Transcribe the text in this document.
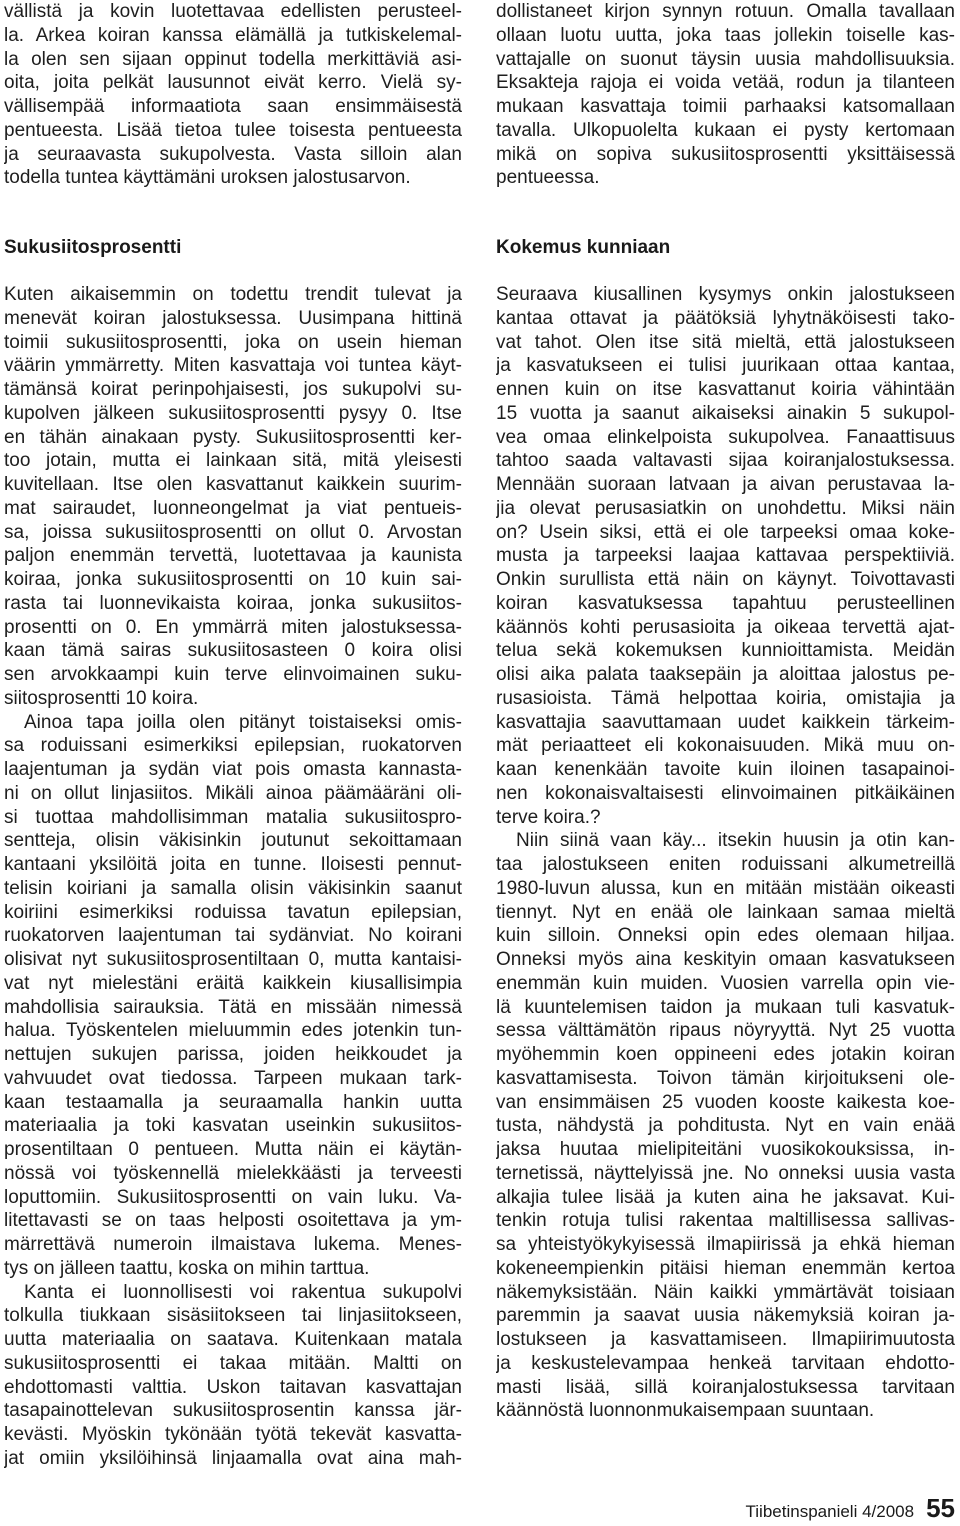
vällistä ja kovin luotettavaa edellisten perusteel-
la. Arkea koiran kanssa elämällä ja tutkiskelemal-
la olen sen sijaan oppinut todella merkittäviä asi-
oita, joita pelkät lausunnot eivät kerro. Vielä sy-
vällisempää informaatiota saan ensimmäisestä
pentueesta. Lisää tietoa tulee toisesta pentueesta
ja seuraavasta sukupolvesta. Vasta silloin alan
todella tuntea käyttämäni uroksen jalostusarvon.
Sukusiitosprosentti
Kuten aikaisemmin on todettu trendit tulevat ja
menevät koiran jalostuksessa. Uusimpana hittinä
toimii sukusiitosprosentti, joka on usein hieman
väärin ymmärretty. Miten kasvattaja voi tuntea käyt-
tämänsä koirat perinpohjaisesti, jos sukupolvi su-
kupolven jälkeen sukusiitosprosentti pysyy 0. Itse
en tähän ainakaan pysty. Sukusiitosprosentti ker-
too jotain, mutta ei lainkaan sitä, mitä yleisesti
kuvitellaan. Itse olen kasvattanut kaikkein suurim-
mat sairaudet, luonneongelmat ja viat pentueis-
sa, joissa sukusiitosprosentti on ollut 0. Arvostan
paljon enemmän tervettä, luotettavaa ja kaunista
koiraa, jonka sukusiitosprosentti on 10 kuin sai-
rasta tai luonnevikaista koiraa, jonka sukusiitos-
prosentti on 0. En ymmärrä miten jalostuksessa-
kaan tämä sairas sukusiitosasteen 0 koira olisi
sen arvokkaampi kuin terve elinvoimainen suku-
siitosprosentti 10 koira.
Ainoa tapa joilla olen pitänyt toistaiseksi omis-
sa roduissani esimerkiksi epilepsian, ruokatorven
laajentuman ja sydän viat pois omasta kannasta-
ni on ollut linjasiitos. Mikäli ainoa päämääräni oli-
si tuottaa mahdollisimman matalia sukusiitospro-
sentteja, olisin väkisinkin joutunut sekoittamaan
kantaani yksilöitä joita en tunne. Iloisesti pennut-
telisin koiriani ja samalla olisin väkisinkin saanut
koiriini esimerkiksi roduissa tavatun epilepsian,
ruokatorven laajentuman tai sydänviat. No koirani
olisivat nyt sukusiitosprosentiltaan 0, mutta kantaisi-
vat nyt mielestäni eräitä kaikkein kiusallisimpia
mahdollisia sairauksia. Tätä en missään nimessä
halua. Työskentelen mieluummin edes jotenkin tun-
nettujen sukujen parissa, joiden heikkoudet ja
vahvuudet ovat tiedossa. Tarpeen mukaan tark-
kaan testaamalla ja seuraamalla hankin uutta
materiaalia ja toki kasvatan useinkin sukusiitos-
prosentiltaan 0 pentueen. Mutta näin ei käytän-
nössä voi työskennellä mielekkäästi ja terveesti
loputtomiin. Sukusiitosprosentti on vain luku. Va-
litettavasti se on taas helposti osoitettava ja ym-
märrettävä numeroin ilmaistava lukema. Menes-
tys on jälleen taattu, koska on mihin tarttua.
Kanta ei luonnollisesti voi rakentua sukupolvi
tolkulla tiukkaan sisäsiitokseen tai linjasiitokseen,
uutta materiaalia on saatava. Kuitenkaan matala
sukusiitosprosentti ei takaa mitään. Maltti on
ehdottomasti valttia. Uskon taitavan kasvattajan
tasapainottelevan sukusiitosprosentin kanssa jär-
kevästi. Myöskin tykönään työtä tekevät kasvatta-
jat omiin yksilöihinsä linjaamalla ovat aina mah-
dollistaneet kirjon synnyn rotuun. Omalla tavallaan
ollaan luotu uutta, joka taas jollekin toiselle kas-
vattajalle on suonut täysin uusia mahdollisuuksia.
Eksakteja rajoja ei voida vetää, rodun ja tilanteen
mukaan kasvattaja toimii parhaaksi katsomallaan
tavalla. Ulkopuolelta kukaan ei pysty kertomaan
mikä on sopiva sukusiitosprosentti yksittäisessä
pentueessa.
Kokemus kunniaan
Seuraava kiusallinen kysymys onkin jalostukseen
kantaa ottavat ja päätöksiä lyhytnäköisesti tako-
vat tahot. Olen itse sitä mieltä, että jalostukseen
ja kasvatukseen ei tulisi juurikaan ottaa kantaa,
ennen kuin on itse kasvattanut koiria vähintään
15 vuotta ja saanut aikaiseksi ainakin 5 sukupol-
vea omaa elinkelpoista sukupolvea. Fanaattisuus
tahtoo saada valtavasti sijaa koiranjalostuksessa.
Mennään suoraan latvaan ja aivan perustavaa la-
jia olevat perusasiatkin on unohdettu. Miksi näin
on? Usein siksi, että ei ole tarpeeksi omaa koke-
musta ja tarpeeksi laajaa kattavaa perspektiiviä.
Onkin surullista että näin on käynyt. Toivottavasti
koiran kasvatuksessa tapahtuu perusteellinen
käännös kohti perusasioita ja oikeaa tervettä ajat-
telua sekä kokemuksen kunnioittamista. Meidän
olisi aika palata taaksepäin ja aloittaa jalostus pe-
rusasioista. Tämä helpottaa koiria, omistajia ja
kasvattajia saavuttamaan uudet kaikkein tärkeim-
mät periaatteet eli kokonaisuuden. Mikä muu on-
kaan kenenkään tavoite kuin iloinen tasapainoi-
nen kokonaisvaltaisesti elinvoimainen pitkäikäinen
terve koira.?
Niin siinä vaan käy... itsekin huusin ja otin kan-
taa jalostukseen eniten roduissani alkumetreillä
1980-luvun alussa, kun en mitään mistään oikeasti
tiennyt. Nyt en enää ole lainkaan samaa mieltä
kuin silloin. Onneksi opin edes olemaan hiljaa.
Onneksi myös aina keskityin omaan kasvatukseen
enemmän kuin muiden. Vuosien varrella opin vie-
lä kuuntelemisen taidon ja mukaan tuli kasvatuk-
sessa välttämätön ripaus nöyryyttä. Nyt 25 vuotta
myöhemmin koen oppineeni edes jotakin koiran
kasvattamisesta. Toivon tämän kirjoitukseni ole-
van ensimmäisen 25 vuoden kooste kaikesta koe-
tusta, nähdystä ja pohditusta. Nyt en vain enää
jaksa huutaa mielipiteitäni vuosikokouksissa, in-
ternetissä, näyttelyissä jne. No onneksi uusia vasta
alkajia tulee lisää ja kuten aina he jaksavat. Kui-
tenkin rotuja tulisi rakentaa maltillisessa sallivas-
sa yhteistyökykyisessä ilmapiirissä ja ehkä hieman
kokeneempienkin pitäisi hieman enemmän kertoa
näkemyksistään. Näin kaikki ymmärtävät toisiaan
paremmin ja saavat uusia näkemyksiä koiran ja-
lostukseen ja kasvattamiseen. Ilmapiirimuutosta
ja keskustelevampaa henkeä tarvitaan ehdotto-
masti lisää, sillä koiranjalostuksessa tarvitaan
käännöstä luonnonmukaisempaan suuntaan.
Tiibetinspanieli 4/2008 55
